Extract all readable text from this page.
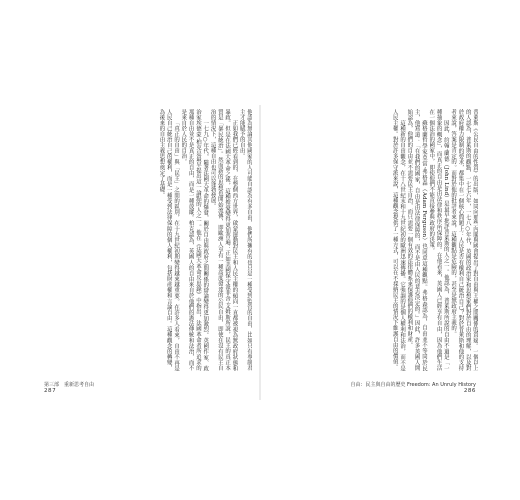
他認為無論其他國家的人可能自認為有多自由，他們所擁有的也只是一種受到監管的自由，比如只有專制君主才能賦予的自由。

正如我們已經看到的，在整個西方世界，啟蒙運動對民主和人民主權的傾向一直都被視為無政府狀態和暴政。但是在法國大革命之後，這種擔憂變得更加普遍：正如美國保守派菲舍·艾姆斯所說，民主的真正本質是「暴民統治」。然而新的思想也開始流傳，即歐洲人享有一種高度發達的公民自由，即使在沒有民主自治的情況下，這種自由也可以蓬勃發展。

一七九○年代，隨著法國大革命的爆發，關於自由與政府之間關係的辯論變得更加激烈。英國作家、政治家埃德蒙·柏克是最早提出這一論點的人之一。他在《法國大革命反思錄》中指出，法國革命者所追求的那種自由並不是真正的自由，而是一種放縱。柏克認為，英國人的自由來自於他們的憲法傳統和法治，而不是來自於人民的自治。

「真正的自由」與「民主」之間的區別，在十九世紀初期變得越來越重要。在許多人看來，自由不再是人民自己統治自己的權利，而是一種受到法律保障的個人權利，包括財產權和言論自由。這種觀念的轉變，為後來的自由主義思想奠定了基礎。

第三部　重新思考自由
287

普萊斯《公民自由的性質》的出版，如同向那些內閣與國會提出了對自由與王權之間關係的質疑。一個以上的人認為，普萊斯的觀點，一七七六年，一七八○年代，英國的政治家和思想家們對於自由的理解，以及對於政府權力限制的要求，都集中在一個核心問題上：人民是否有權利自己統治自己？對於普萊斯和他的支持者來說，答案是肯定的。而對於他的批評者來說，這種觀點是危險的，甚至是無政府主義的。

因此，約翰·蘭德（John Lind）是最早批評普萊斯的人之一。他認為，普萊斯所說的自由不過是「一種抽象的概念」，而真正的自由是由法律和秩序所保障的。在他看來，英國人已經享有自由，因為他們生活在一個法治的國家中，即使他們不能直接參與政府的決策。

蘇格蘭哲學家亞當·弗格森（Adam Ferguson）也同意這種觀點。弗格森認為，自由並不等同於民主，他寫道：「在我們的國家，自由是由法律保障的，而不是由人民的意志決定的。」因此，許多英國人開始認為，他們的自由並不需要民主自治，而只需要一個有效的法律體系來保護他們的權利和財產。

這種新的自由觀念，在十八世紀末和十九世紀初的歐洲迅速傳播。它強調的是個人權利和法治，而不是人民主權。對於許多保守派來說，這種觀念提供了一種方式，可以在不採納民主的情況下維護自由的價值。

自由：民主與自由的歷史 Freedom: An Unruly History
286
